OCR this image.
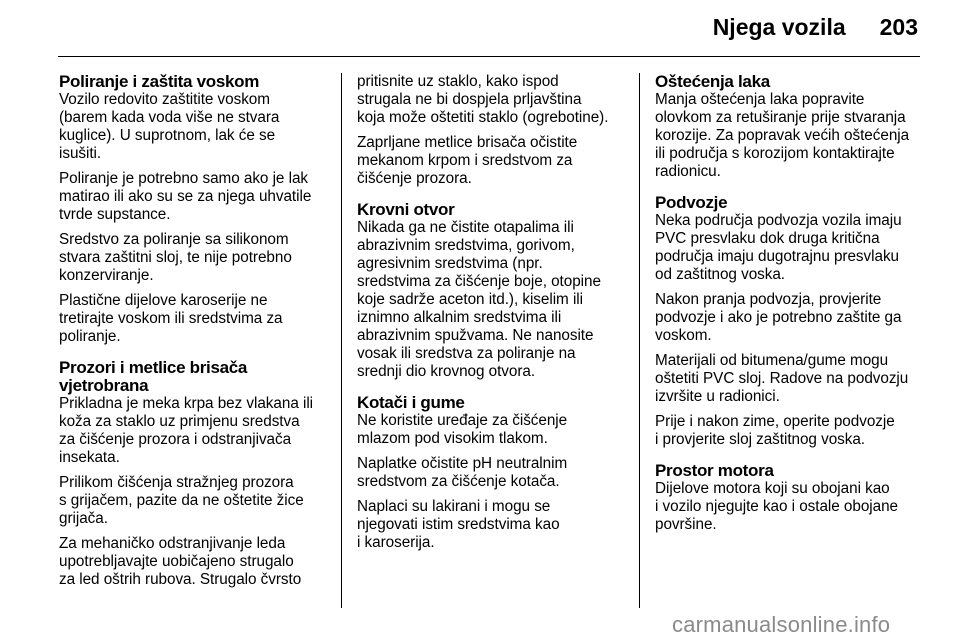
Njega vozila 203
Poliranje i zaštita voskom
Vozilo redovito zaštitite voskom
(barem kada voda više ne stvara
kuglice). U suprotnom, lak će se
isušiti.
Poliranje je potrebno samo ako je lak
matirao ili ako su se za njega uhvatile
tvrde supstance.
Sredstvo za poliranje sa silikonom
stvara zaštitni sloj, te nije potrebno
konzerviranje.
Plastične dijelove karoserije ne
tretirajte voskom ili sredstvima za
poliranje.
Prozori i metlice brisača
vjetrobrana
Prikladna je meka krpa bez vlakana ili
koža za staklo uz primjenu sredstva
za čišćenje prozora i odstranjivača
insekata.
Prilikom čišćenja stražnjeg prozora
s grijačem, pazite da ne oštetite žice
grijača.
Za mehaničko odstranjivanje leda
upotrebljavajte uobičajeno strugalo
za led oštrih rubova. Strugalo čvrsto
pritisnite uz staklo, kako ispod
strugala ne bi dospjela prljavština
koja može oštetiti staklo (ogrebotine).
Zaprljane metlice brisača očistite
mekanom krpom i sredstvom za
čišćenje prozora.
Krovni otvor
Nikada ga ne čistite otapalima ili
abrazivnim sredstvima, gorivom,
agresivnim sredstvima (npr.
sredstvima za čišćenje boje, otopine
koje sadrže aceton itd.), kiselim ili
iznimno alkalnim sredstvima ili
abrazivnim spužvama. Ne nanosite
vosak ili sredstva za poliranje na
srednji dio krovnog otvora.
Kotači i gume
Ne koristite uređaje za čišćenje
mlazom pod visokim tlakom.
Naplatke očistite pH neutralnim
sredstvom za čišćenje kotača.
Naplaci su lakirani i mogu se
njegovati istim sredstvima kao
i karoserija.
Oštećenja laka
Manja oštećenja laka popravite
olovkom za retuširanje prije stvaranja
korozije. Za popravak većih oštećenja
ili područja s korozijom kontaktirajte
radionicu.
Podvozje
Neka područja podvozja vozila imaju
PVC presvlaku dok druga kritična
područja imaju dugotrajnu presvlaku
od zaštitnog voska.
Nakon pranja podvozja, provjerite
podvozje i ako je potrebno zaštite ga
voskom.
Materijali od bitumena/gume mogu
oštetiti PVC sloj. Radove na podvozju
izvršite u radionici.
Prije i nakon zime, operite podvozje
i provjerite sloj zaštitnog voska.
Prostor motora
Dijelove motora koji su obojani kao
i vozilo njegujte kao i ostale obojane
površine.
carmanualsonline.info
